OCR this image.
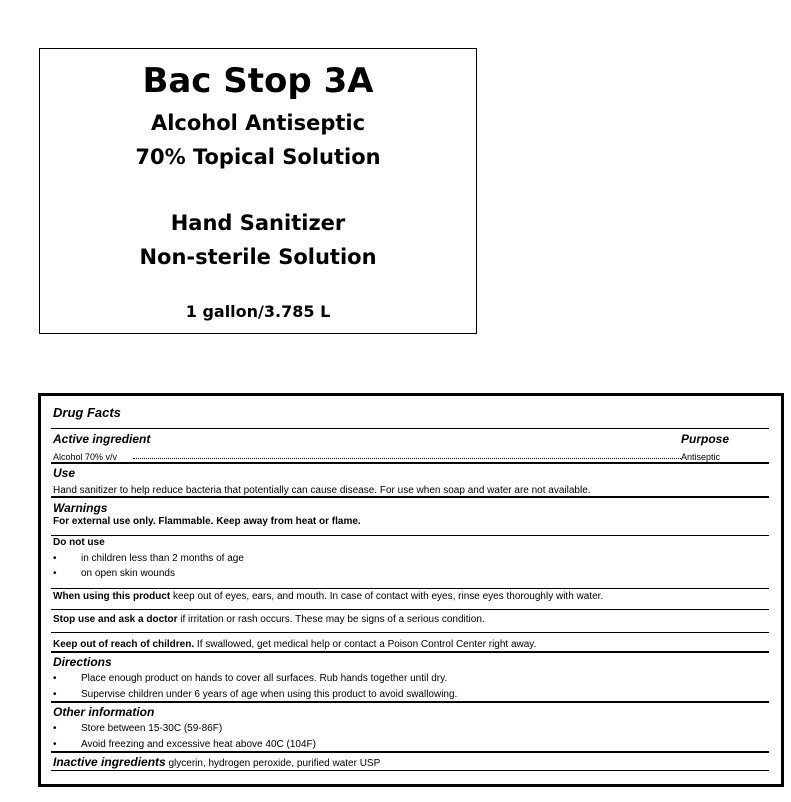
Bac Stop 3A
Alcohol Antiseptic
70% Topical Solution
Hand Sanitizer
Non-sterile Solution
1 gallon/3.785 L
Drug Facts
Active ingredient	Purpose
Alcohol 70% v/v	Antiseptic
Use
Hand sanitizer to help reduce bacteria that potentially can cause disease. For use when soap and water are not available.
Warnings
For external use only. Flammable. Keep away from heat or flame.
Do not use
• in children less than 2 months of age
• on open skin wounds
When using this product keep out of eyes, ears, and mouth. In case of contact with eyes, rinse eyes thoroughly with water.
Stop use and ask a doctor if irritation or rash occurs. These may be signs of a serious condition.
Keep out of reach of children. If swallowed, get medical help or contact a Poison Control Center right away.
Directions
• Place enough product on hands to cover all surfaces. Rub hands together until dry.
• Supervise children under 6 years of age when using this product to avoid swallowing.
Other information
• Store between 15-30C (59-86F)
• Avoid freezing and excessive heat above 40C (104F)
Inactive ingredients glycerin, hydrogen peroxide, purified water USP
